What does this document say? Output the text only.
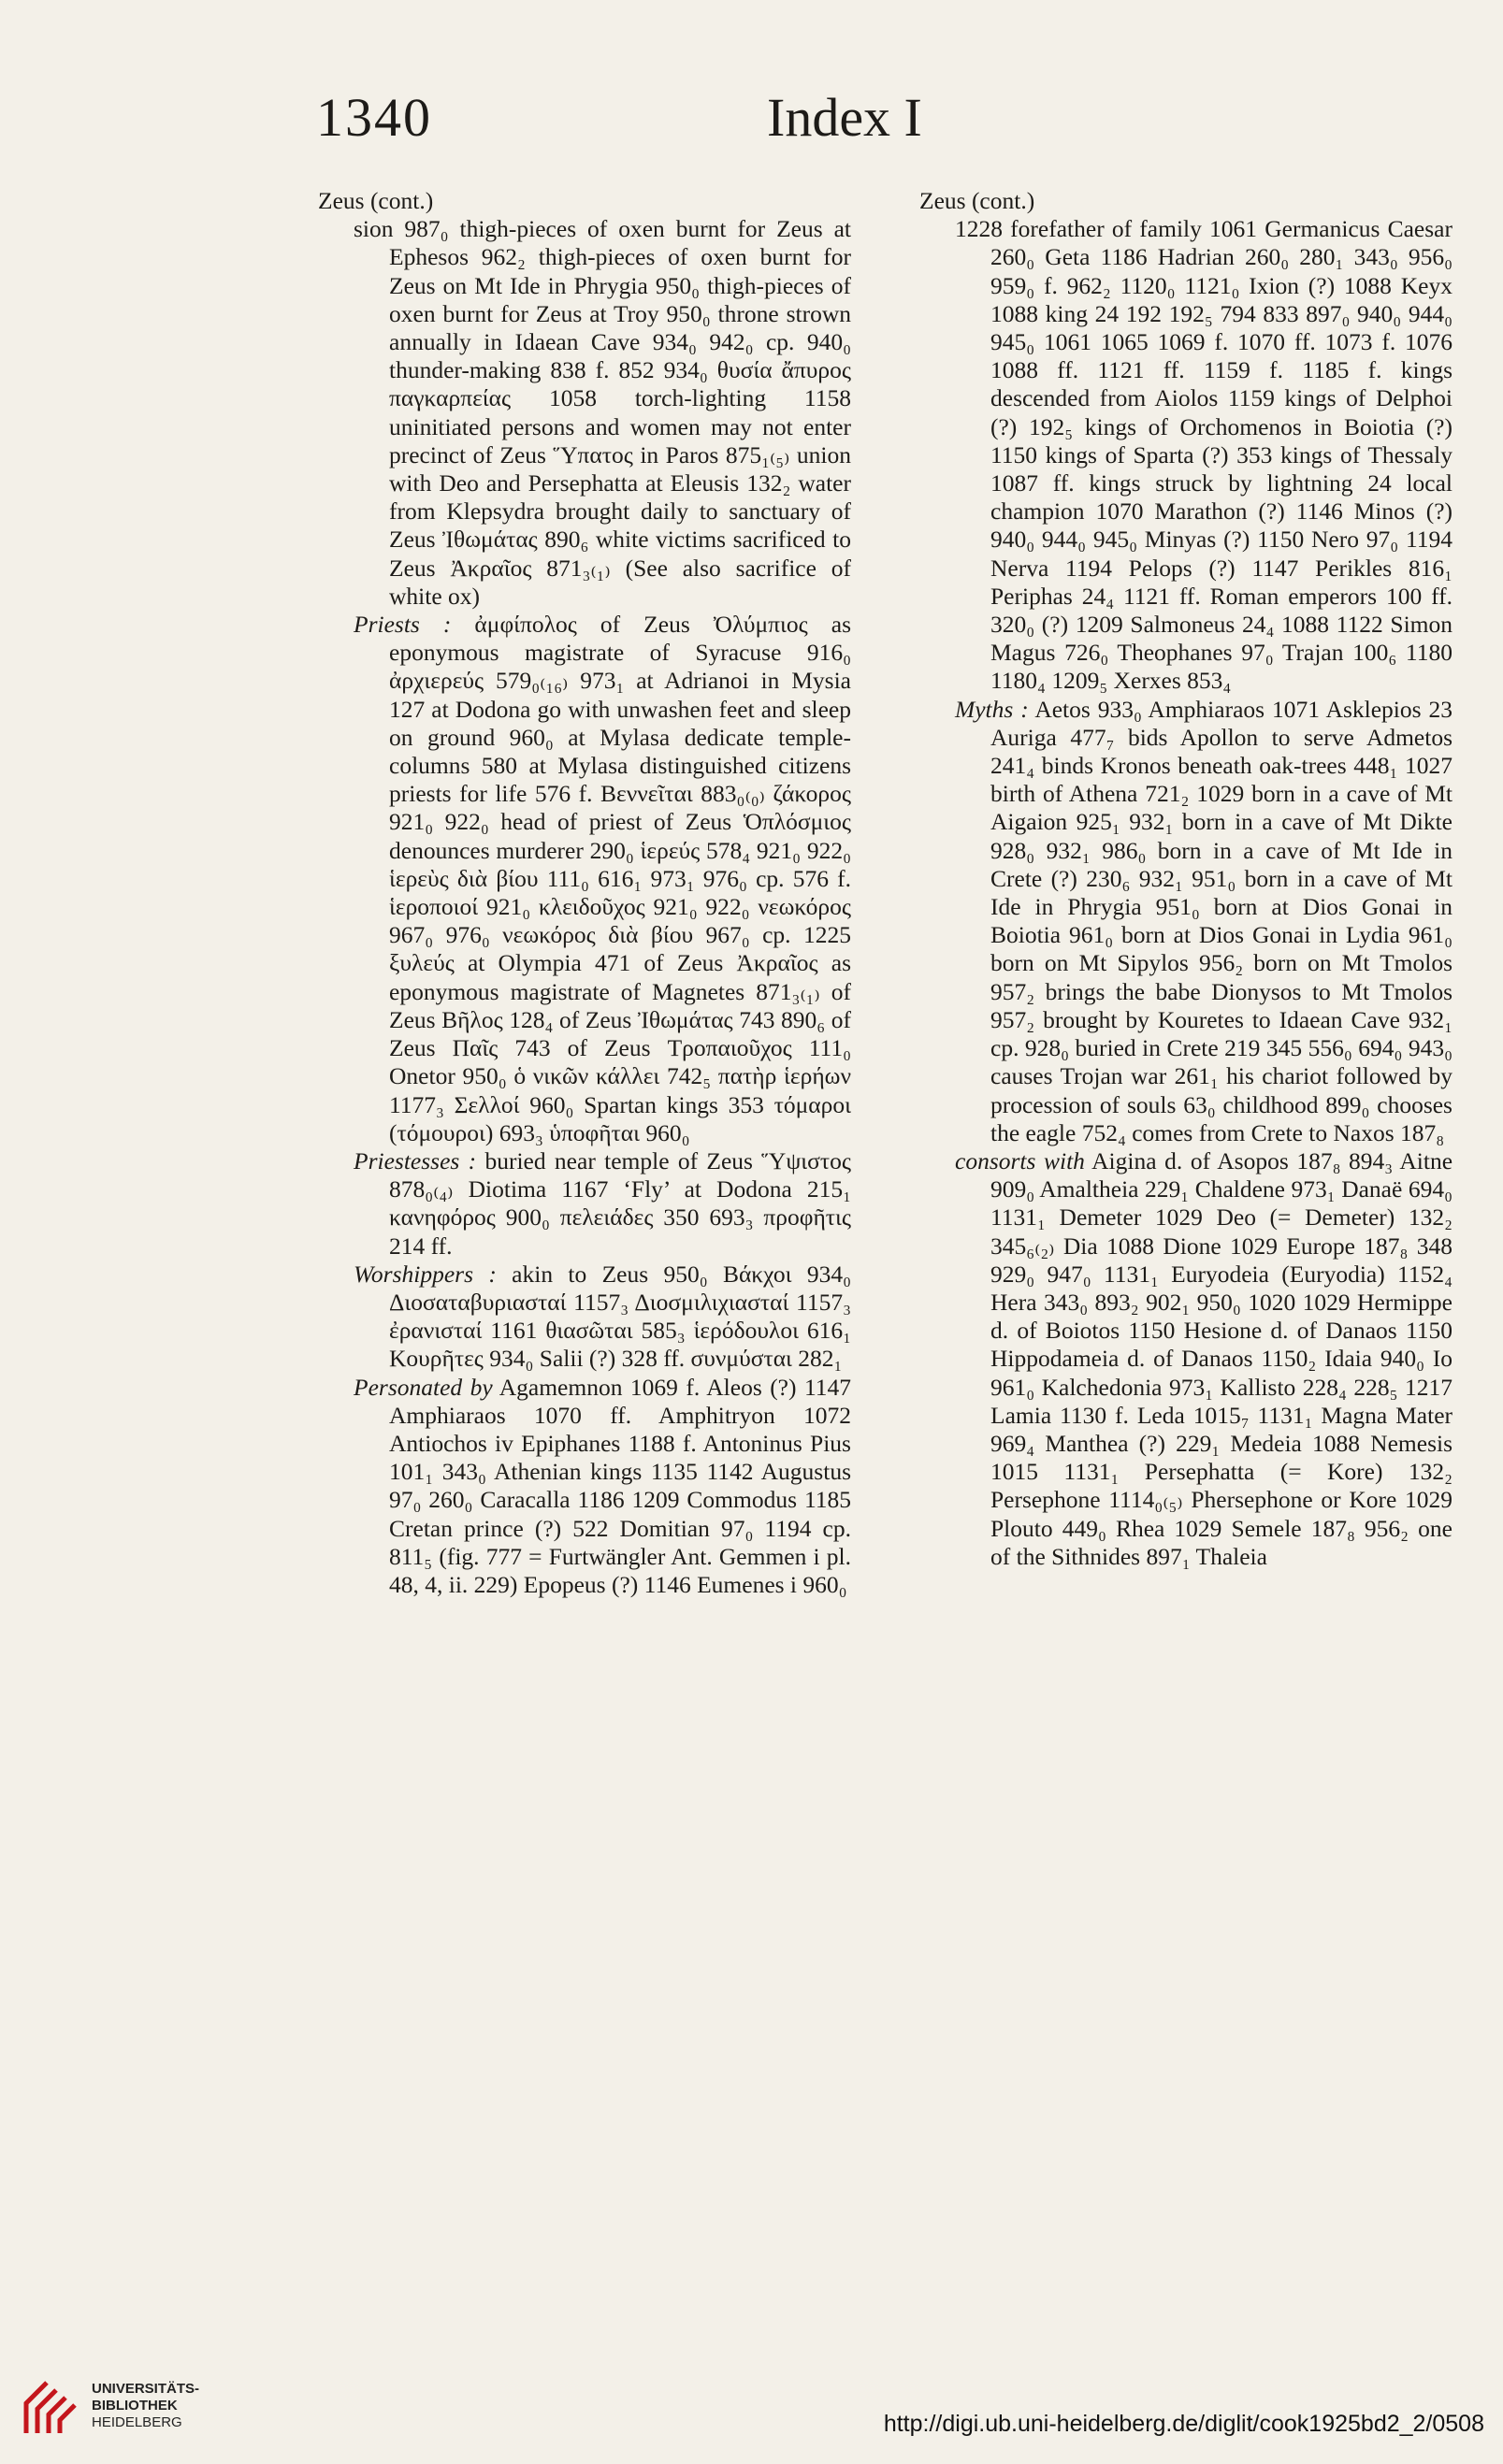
1340	Index I

Zeus (cont.)

sion 987₀ thigh-pieces of oxen burnt for Zeus at Ephesos 962₂ thigh-pieces of oxen burnt for Zeus on Mt Ide in Phrygia 950₀ thigh-pieces of oxen burnt for Zeus at Troy 950₀ throne strown annually in Idaean Cave 934₀ 942₀ cp. 940₀ thunder-making 838 f. 852 934₀ θυσία ἄπυρος παγκαρπείας 1058 torch-lighting 1158 uninitiated persons and women may not enter precinct of Zeus Ὕπατος in Paros 875₁₍₅₎ union with Deo and Persephatta at Eleusis 132₂ water from Klepsydra brought daily to sanctuary of Zeus Ἰθωμάτας 890₆ white victims sacrificed to Zeus Ἀκραῖος 871₃₍₁₎ (See also sacrifice of white ox)

Priests : ἀμφίπολος of Zeus Ὀλύμπιος as eponymous magistrate of Syracuse 916₀ ἀρχιερεύς 579₀₍₁₆₎ 973₁ at Adrianoi in Mysia 127 at Dodona go with unwashen feet and sleep on ground 960₀ at Mylasa dedicate temple-columns 580 at Mylasa distinguished citizens priests for life 576 f. Βεννεῖται 883₀₍₀₎ ζάκορος 921₀ 922₀ head of priest of Zeus Ὁπλόσμιος denounces murderer 290₀ ἱερεύς 578₄ 921₀ 922₀ ἱερεὺς διὰ βίου 111₀ 616₁ 973₁ 976₀ cp. 576 f. ἱεροποιοί 921₀ κλειδοῦχος 921₀ 922₀ νεωκόρος 967₀ 976₀ νεωκόρος διὰ βίου 967₀ cp. 1225 ξυλεύς at Olympia 471 of Zeus Ἀκραῖος as eponymous magistrate of Magnetes 871₃₍₁₎ of Zeus Βῆλος 128₄ of Zeus Ἰθωμάτας 743 890₆ of Zeus Παῖς 743 of Zeus Τροπαιοῦχος 111₀ Onetor 950₀ ὁ νικῶν κάλλει 742₅ πατὴρ ἱερήων 1177₃ Σελλοί 960₀ Spartan kings 353 τόμαροι (τόμουροι) 693₃ ὑποφῆται 960₀

Priestesses : buried near temple of Zeus Ὕψιστος 878₀₍₄₎ Diotima 1167 ‘Fly’ at Dodona 215₁ κανηφόρος 900₀ πελειάδες 350 693₃ προφῆτις 214 ff.

Worshippers : akin to Zeus 950₀ Βάκχοι 934₀ Διοσαταβυριασταί 1157₃ Διοσμιλιχιασταί 1157₃ ἐρανισταί 1161 θιασῶται 585₃ ἱερόδουλοι 616₁ Κουρῆτες 934₀ Salii (?) 328 ff. συνμύσται 282₁

Personated by Agamemnon 1069 f. Aleos (?) 1147 Amphiaraos 1070 ff. Amphitryon 1072 Antiochos iv Epiphanes 1188 f. Antoninus Pius 101₁ 343₀ Athenian kings 1135 1142 Augustus 97₀ 260₀ Caracalla 1186 1209 Commodus 1185 Cretan prince (?) 522 Domitian 97₀ 1194 cp. 811₅ (fig. 777 = Furtwängler Ant. Gemmen i pl. 48, 4, ii. 229) Epopeus (?) 1146 Eumenes i 960₀

Zeus (cont.)

1228 forefather of family 1061 Germanicus Caesar 260₀ Geta 1186 Hadrian 260₀ 280₁ 343₀ 956₀ 959₀ f. 962₂ 1120₀ 1121₀ Ixion (?) 1088 Keyx 1088 king 24 192 192₅ 794 833 897₀ 940₀ 944₀ 945₀ 1061 1065 1069 f. 1070 ff. 1073 f. 1076 1088 ff. 1121 ff. 1159 f. 1185 f. kings descended from Aiolos 1159 kings of Delphoi (?) 192₅ kings of Orchomenos in Boiotia (?) 1150 kings of Sparta (?) 353 kings of Thessaly 1087 ff. kings struck by lightning 24 local champion 1070 Marathon (?) 1146 Minos (?) 940₀ 944₀ 945₀ Minyas (?) 1150 Nero 97₀ 1194 Nerva 1194 Pelops (?) 1147 Perikles 816₁ Periphas 24₄ 1121 ff. Roman emperors 100 ff. 320₀ (?) 1209 Salmoneus 24₄ 1088 1122 Simon Magus 726₀ Theophanes 97₀ Trajan 100₆ 1180 1180₄ 1209₅ Xerxes 853₄

Myths : Aetos 933₀ Amphiaraos 1071 Asklepios 23 Auriga 477₇ bids Apollon to serve Admetos 241₄ binds Kronos beneath oak-trees 448₁ 1027 birth of Athena 721₂ 1029 born in a cave of Mt Aigaion 925₁ 932₁ born in a cave of Mt Dikte 928₀ 932₁ 986₀ born in a cave of Mt Ide in Crete (?) 230₆ 932₁ 951₀ born in a cave of Mt Ide in Phrygia 951₀ born at Dios Gonai in Boiotia 961₀ born at Dios Gonai in Lydia 961₀ born on Mt Sipylos 956₂ born on Mt Tmolos 957₂ brings the babe Dionysos to Mt Tmolos 957₂ brought by Kouretes to Idaean Cave 932₁ cp. 928₀ buried in Crete 219 345 556₀ 694₀ 943₀ causes Trojan war 261₁ his chariot followed by procession of souls 63₀ childhood 899₀ chooses the eagle 752₄ comes from Crete to Naxos 187₈

consorts with Aigina d. of Asopos 187₈ 894₃ Aitne 909₀ Amaltheia 229₁ Chaldene 973₁ Danaë 694₀ 1131₁ Demeter 1029 Deo (= Demeter) 132₂ 345₆₍₂₎ Dia 1088 Dione 1029 Europe 187₈ 348 929₀ 947₀ 1131₁ Euryodeia (Euryodia) 1152₄ Hera 343₀ 893₂ 902₁ 950₀ 1020 1029 Hermippe d. of Boiotos 1150 Hesione d. of Danaos 1150 Hippodameia d. of Danaos 1150₂ Idaia 940₀ Io 961₀ Kalchedonia 973₁ Kallisto 228₄ 228₅ 1217 Lamia 1130 f. Leda 1015₇ 1131₁ Magna Mater 969₄ Manthea (?) 229₁ Medeia 1088 Nemesis 1015 1131₁ Persephatta (= Kore) 132₂ Persephone 1114₀₍₅₎ Phersephone or Kore 1029 Plouto 449₀ Rhea 1029 Semele 187₈ 956₂ one of the Sithnides 897₁ Thaleia

UNIVERSITÄTS-
BIBLIOTHEK
HEIDELBERG	http://digi.ub.uni-heidelberg.de/diglit/cook1925bd2_2/0508
